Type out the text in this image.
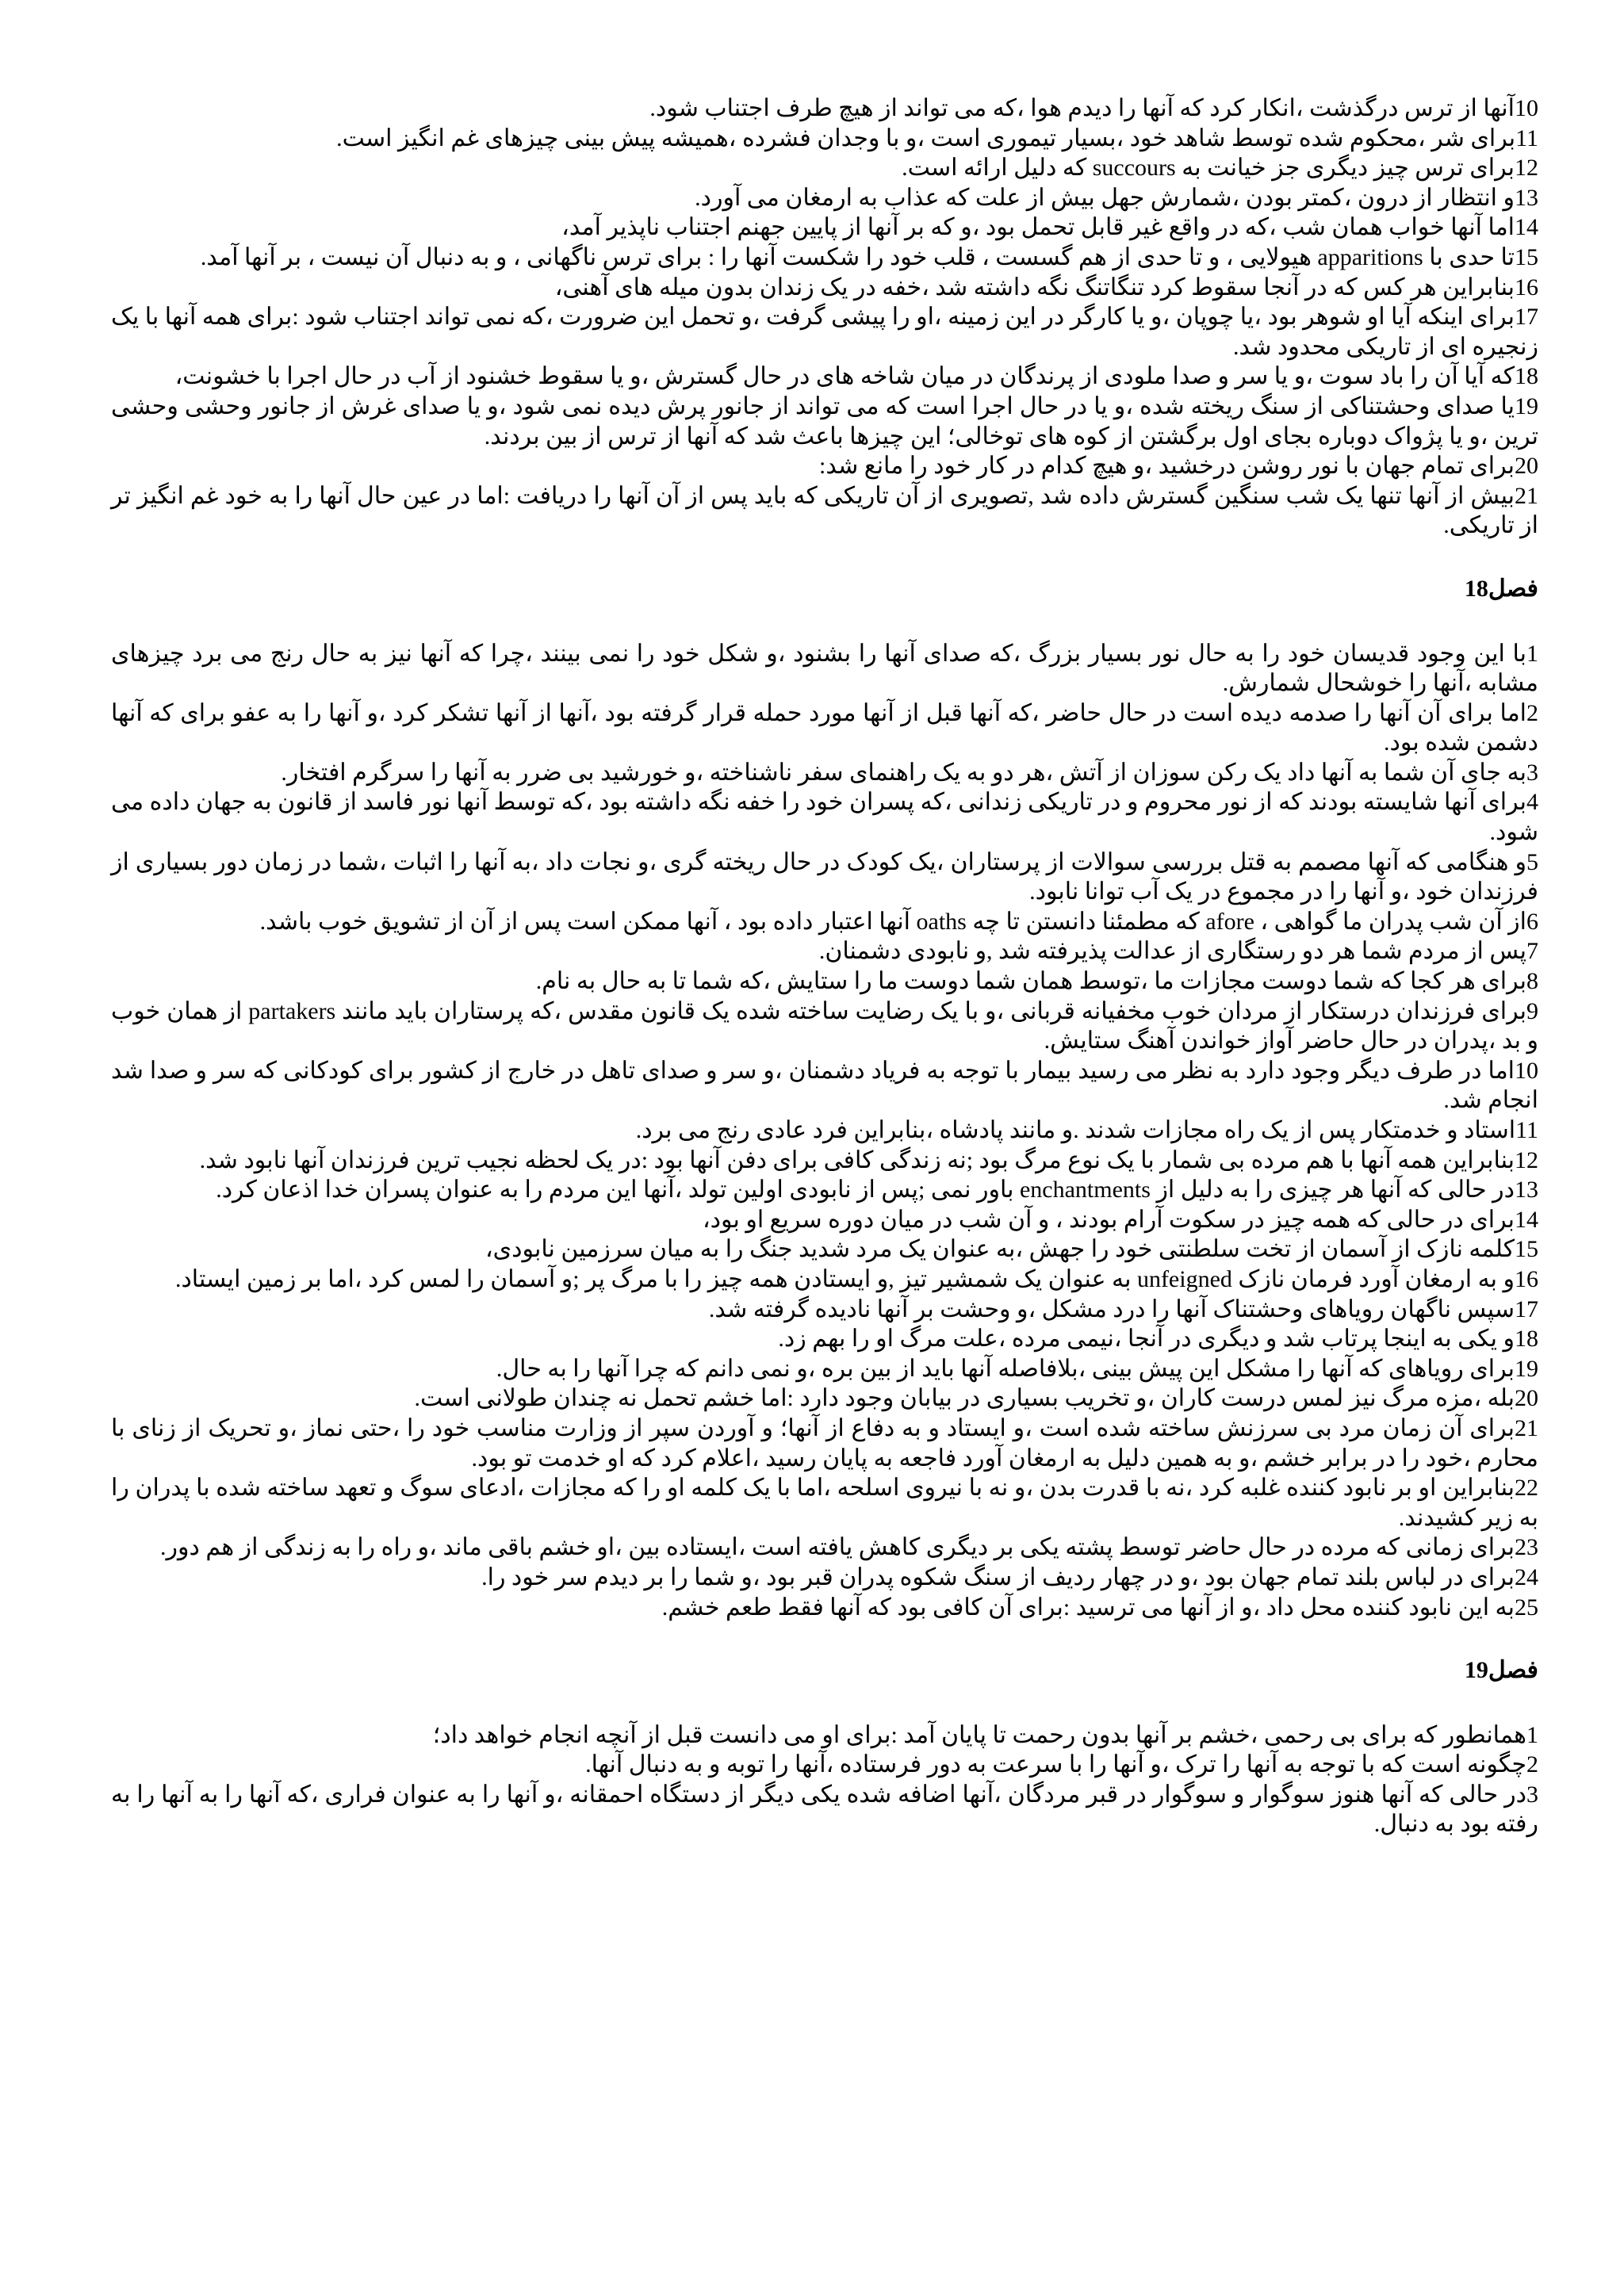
10آنها از ترس درگذشت ،انکار کرد که آنها را دیدم هوا ،که می تواند از هیچ طرف اجتناب شود.

11برای شر ،محکوم شده توسط شاهد خود ،بسیار تیموری است ،و با وجدان فشرده ،همیشه پیش بینی چیزهای غم انگیز است.

12برای ترس چیز دیگری جز خیانت به succours که دلیل ارائه است.

13و انتظار از درون ،کمتر بودن ،شمارش جهل بیش از علت که عذاب به ارمغان می آورد.

14اما آنها خواب همان شب ،که در واقع غیر قابل تحمل بود ،و که بر آنها از پایین جهنم اجتناب ناپذیر آمد،

15تا حدی با apparitions هیولایی ، و تا حدی از هم گسست ، قلب خود را شکست آنها را : برای ترس ناگهانی ، و به دنبال آن نیست ، بر آنها آمد.

16بنابراین هر کس که در آنجا سقوط کرد تنگاتنگ نگه داشته شد ،خفه در یک زندان بدون میله های آهنی،

17برای اینکه آیا او شوهر بود ،یا چوپان ،و یا کارگر در این زمینه ،او را پیشی گرفت ،و تحمل این ضرورت ،که نمی تواند اجتناب شود :برای همه آنها با یک زنجیره ای از تاریکی محدود شد.

18که آیا آن را باد سوت ،و یا سر و صدا ملودی از پرندگان در میان شاخه های در حال گسترش ،و یا سقوط خشنود از آب در حال اجرا با خشونت،

19یا صدای وحشتناکی از سنگ ریخته شده ،و یا در حال اجرا است که می تواند از جانور پرش دیده نمی شود ،و یا صدای غرش از جانور وحشی وحشی ترین ،و یا پژواک دوباره بجای اول برگشتن از کوه های توخالی؛ این چیزها باعث شد که آنها از ترس از بین بردند.

20برای تمام جهان با نور روشن درخشید ،و هیچ کدام در کار خود را مانع شد:

21بیش از آنها تنها یک شب سنگین گسترش داده شد ,تصویری از آن تاریکی که باید پس از آن آنها را دریافت :اما در عین حال آنها را به خود غم انگیز تر از تاریکی.

فصل18

1با این وجود قدیسان خود را به حال نور بسیار بزرگ ،که صدای آنها را بشنود ،و شکل خود را نمی بینند ،چرا که آنها نیز به حال رنج می برد چیزهای مشابه ،آنها را خوشحال شمارش.

2اما برای آن آنها را صدمه دیده است در حال حاضر ،که آنها قبل از آنها مورد حمله قرار گرفته بود ،آنها از آنها تشکر کرد ،و آنها را به عفو برای که آنها دشمن شده بود.

3به جای آن شما به آنها داد یک رکن سوزان از آتش ،هر دو به یک راهنمای سفر ناشناخته ،و خورشید بی ضرر به آنها را سرگرم افتخار.

4برای آنها شایسته بودند که از نور محروم و در تاریکی زندانی ،که پسران خود را خفه نگه داشته بود ،که توسط آنها نور فاسد از قانون به جهان داده می شود.

5و هنگامی که آنها مصمم به قتل بررسی سوالات از پرستاران ،یک کودک در حال ریخته گری ،و نجات داد ،به آنها را اثبات ،شما در زمان دور بسیاری از فرزندان خود ،و آنها را در مجموع در یک آب توانا نابود.

6از آن شب پدران ما گواهی ، afore که مطمئنا دانستن تا چه oaths آنها اعتبار داده بود ، آنها ممکن است پس از آن از تشویق خوب باشد.

7پس از مردم شما هر دو رستگاری از عدالت پذیرفته شد ,و نابودی دشمنان.

8برای هر کجا که شما دوست مجازات ما ،توسط همان شما دوست ما را ستایش ،که شما تا به حال به نام.

9برای فرزندان درستکار از مردان خوب مخفیانه قربانی ،و با یک رضایت ساخته شده یک قانون مقدس ،که پرستاران باید مانند partakers از همان خوب و بد ،پدران در حال حاضر آواز خواندن آهنگ ستایش.

10اما در طرف دیگر وجود دارد به نظر می رسید بیمار با توجه به فریاد دشمنان ،و سر و صدای تاهل در خارج از کشور برای کودکانی که سر و صدا شد انجام شد.

11استاد و خدمتکار پس از یک راه مجازات شدند .و مانند پادشاه ،بنابراین فرد عادی رنج می برد.

12بنابراین همه آنها با هم مرده بی شمار با یک نوع مرگ بود ;نه زندگی کافی برای دفن آنها بود :در یک لحظه نجیب ترین فرزندان آنها نابود شد.

13در حالی که آنها هر چیزی را به دلیل از enchantments باور نمی ;پس از نابودی اولین تولد ،آنها این مردم را به عنوان پسران خدا اذعان کرد.

14برای در حالی که همه چیز در سکوت آرام بودند ، و آن شب در میان دوره سریع او بود،

15کلمه نازک از آسمان از تخت سلطنتی خود را جهش ،به عنوان یک مرد شدید جنگ را به میان سرزمین نابودی،

16و به ارمغان آورد فرمان نازک unfeigned به عنوان یک شمشیر تیز ,و ایستادن همه چیز را با مرگ پر ;و آسمان را لمس کرد ،اما بر زمین ایستاد.

17سپس ناگهان رویاهای وحشتناک آنها را درد مشکل ،و وحشت بر آنها نادیده گرفته شد.

18و یکی به اینجا پرتاب شد و دیگری در آنجا ،نیمی مرده ،علت مرگ او را بهم زد.

19برای رویاهای که آنها را مشکل این پیش بینی ،بلافاصله آنها باید از بین بره ،و نمی دانم که چرا آنها را به حال.

20بله ،مزه مرگ نیز لمس درست کاران ،و تخریب بسیاری در بیابان وجود دارد :اما خشم تحمل نه چندان طولانی است.

21برای آن زمان مرد بی سرزنش ساخته شده است ،و ایستاد و به دفاع از آنها؛ و آوردن سپر از وزارت مناسب خود را ،حتی نماز ،و تحریک از زنای با محارم ،خود را در برابر خشم ،و به همین دلیل به ارمغان آورد فاجعه به پایان رسید ،اعلام کرد که او خدمت تو بود.

22بنابراین او بر نابود کننده غلبه کرد ،نه با قدرت بدن ،و نه با نیروی اسلحه ،اما با یک کلمه او را که مجازات ،ادعای سوگ و تعهد ساخته شده با پدران را به زیر کشیدند.

23برای زمانی که مرده در حال حاضر توسط پشته یکی بر دیگری کاهش یافته است ،ایستاده بین ،او خشم باقی ماند ،و راه را به زندگی از هم دور.

24برای در لباس بلند تمام جهان بود ،و در چهار ردیف از سنگ شکوه پدران قبر بود ،و شما را بر دیدم سر خود را.

25به این نابود کننده محل داد ،و از آنها می ترسید :برای آن کافی بود که آنها فقط طعم خشم.

فصل19

1همانطور که برای بی رحمی ،خشم بر آنها بدون رحمت تا پایان آمد :برای او می دانست قبل از آنچه انجام خواهد داد؛

2چگونه است که با توجه به آنها را ترک ،و آنها را با سرعت به دور فرستاده ،آنها را توبه و به دنبال آنها.

3در حالی که آنها هنوز سوگوار و سوگوار در قبر مردگان ،آنها اضافه شده یکی دیگر از دستگاه احمقانه ،و آنها را به عنوان فراری ،که آنها را به آنها را به رفته بود به دنبال.
